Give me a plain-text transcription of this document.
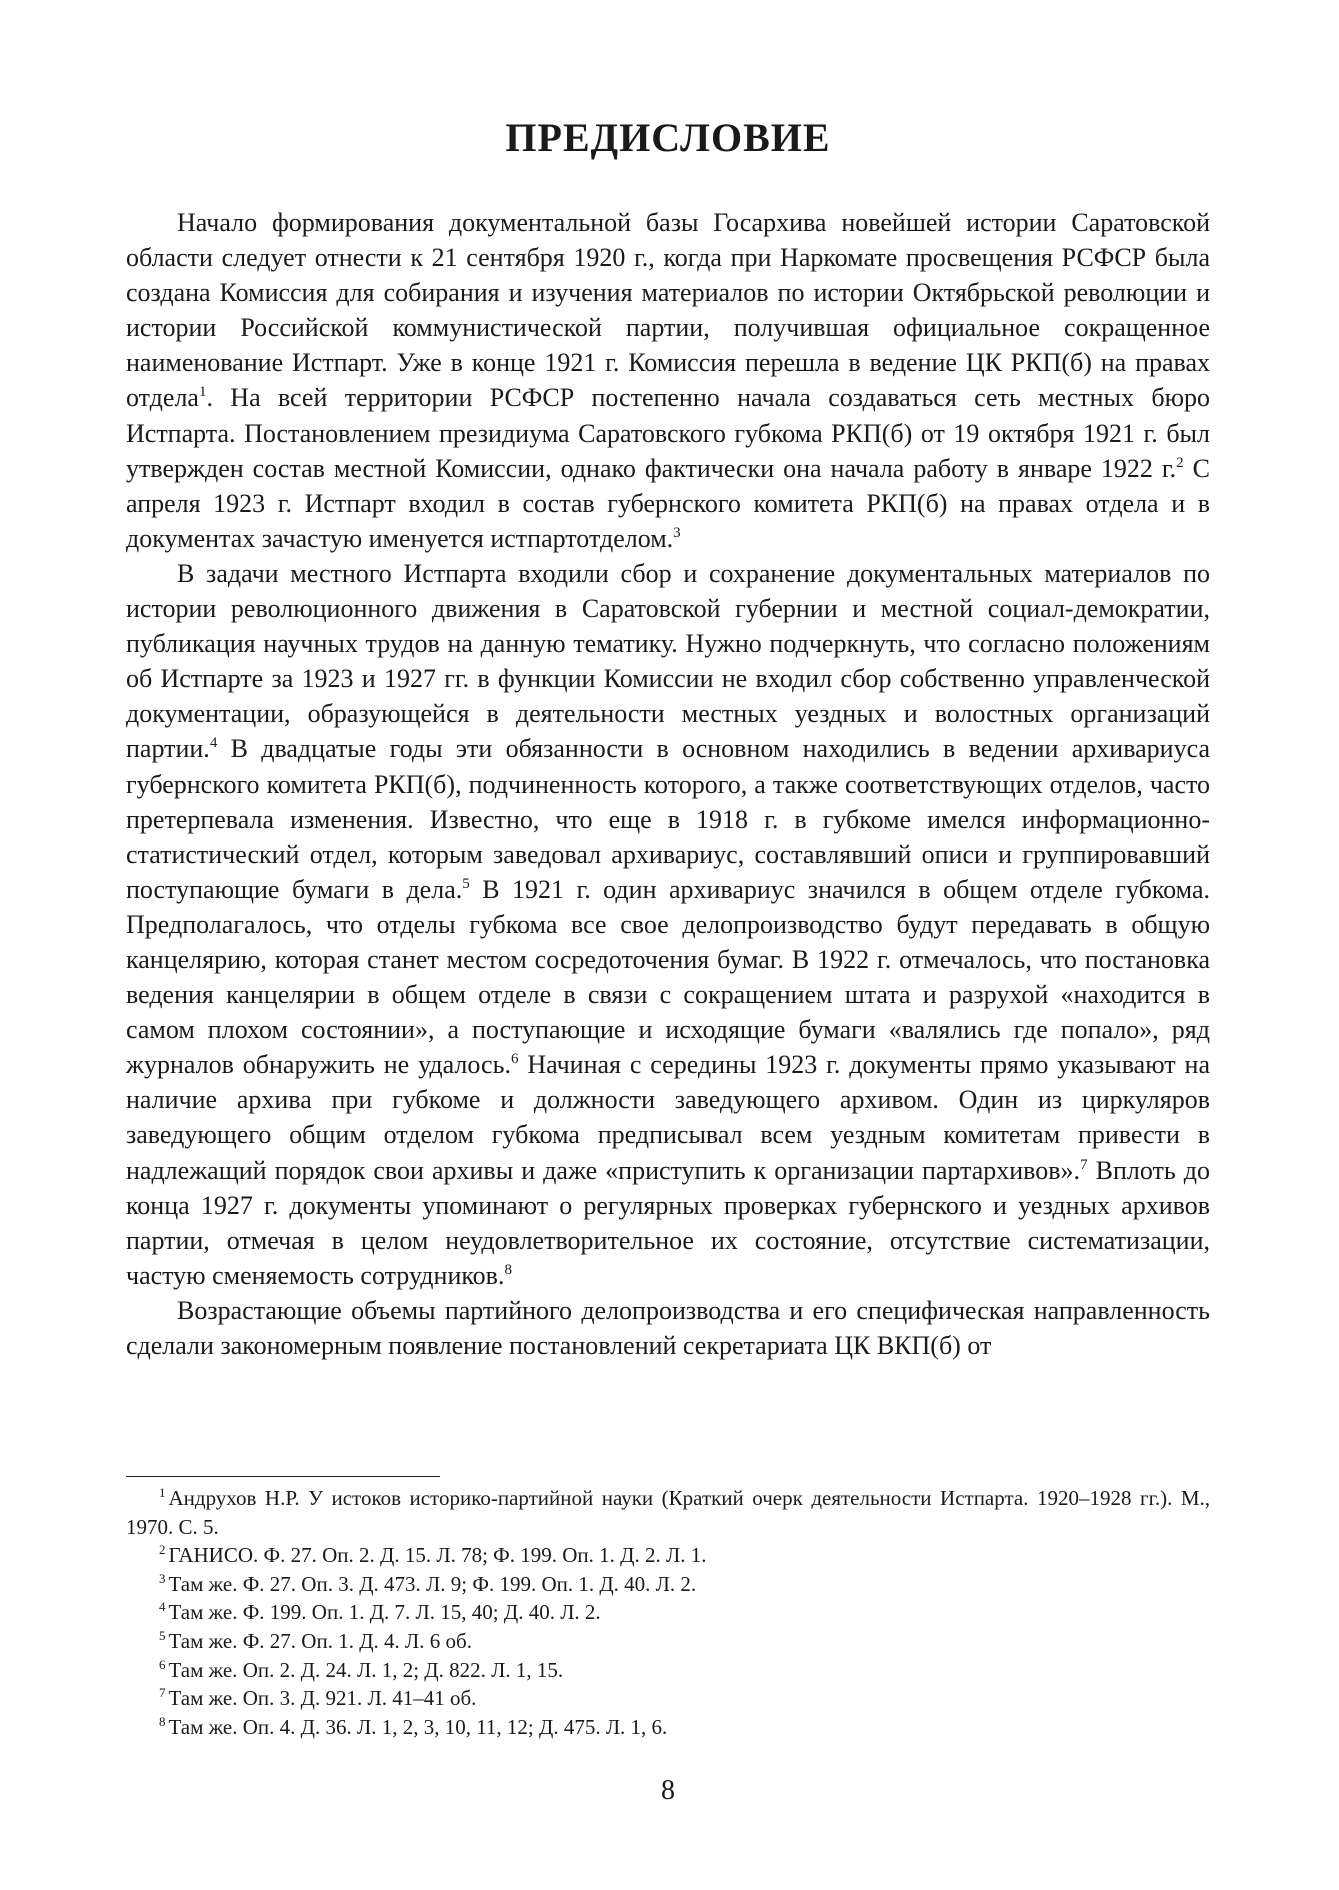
ПРЕДИСЛОВИЕ

Начало формирования документальной базы Госархива новейшей истории Саратовской области следует отнести к 21 сентября 1920 г., когда при Наркомате просвещения РСФСР была создана Комиссия для собирания и изучения материалов по истории Октябрьской революции и истории Российской коммунистической партии, получившая официальное сокращенное наименование Истпарт. Уже в конце 1921 г. Комиссия перешла в ведение ЦК РКП(б) на правах отдела$^1$. На всей территории РСФСР постепенно начала создаваться сеть местных бюро Истпарта. Постановлением президиума Саратовского губкома РКП(б) от 19 октября 1921 г. был утвержден состав местной Комиссии, однако фактически она начала работу в январе 1922 г.$^2$ С апреля 1923 г. Истпарт входил в состав губернского комитета РКП(б) на правах отдела и в документах зачастую именуется истпартотделом.$^3$

В задачи местного Истпарта входили сбор и сохранение документальных материалов по истории революционного движения в Саратовской губернии и местной социал-демократии, публикация научных трудов на данную тематику. Нужно подчеркнуть, что согласно положениям об Истпарте за 1923 и 1927 гг. в функции Комиссии не входил сбор собственно управленческой документации, образующейся в деятельности местных уездных и волостных организаций партии.$^4$ В двадцатые годы эти обязанности в основном находились в ведении архивариуса губернского комитета РКП(б), подчиненность которого, а также соответствующих отделов, часто претерпевала изменения. Известно, что еще в 1918 г. в губкоме имелся информационно-статистический отдел, которым заведовал архивариус, составлявший описи и группировавший поступающие бумаги в дела.$^5$ В 1921 г. один архивариус значился в общем отделе губкома. Предполагалось, что отделы губкома все свое делопроизводство будут передавать в общую канцелярию, которая станет местом сосредоточения бумаг. В 1922 г. отмечалось, что постановка ведения канцелярии в общем отделе в связи с сокращением штата и разрухой «находится в самом плохом состоянии», а поступающие и исходящие бумаги «валялись где попало», ряд журналов обнаружить не удалось.$^6$ Начиная с середины 1923 г. документы прямо указывают на наличие архива при губкоме и должности заведующего архивом. Один из циркуляров заведующего общим отделом губкома предписывал всем уездным комитетам привести в надлежащий порядок свои архивы и даже «приступить к организации партархивов».$^7$ Вплоть до конца 1927 г. документы упоминают о регулярных проверках губернского и уездных архивов партии, отмечая в целом неудовлетворительное их состояние, отсутствие систематизации, частую сменяемость сотрудников.$^8$

Возрастающие объемы партийного делопроизводства и его специфическая направленность сделали закономерным появление постановлений секретариата ЦК ВКП(б) от

$^1$ Андрухов Н.Р. У истоков историко-партийной науки (Краткий очерк деятельности Истпарта. 1920–1928 гг.). М., 1970. С. 5.

$^2$ ГАНИСО. Ф. 27. Оп. 2. Д. 15. Л. 78; Ф. 199. Оп. 1. Д. 2. Л. 1.

$^3$ Там же. Ф. 27. Оп. 3. Д. 473. Л. 9; Ф. 199. Оп. 1. Д. 40. Л. 2.

$^4$ Там же. Ф. 199. Оп. 1. Д. 7. Л. 15, 40; Д. 40. Л. 2.

$^5$ Там же. Ф. 27. Оп. 1. Д. 4. Л. 6 об.

$^6$ Там же. Оп. 2. Д. 24. Л. 1, 2; Д. 822. Л. 1, 15.

$^7$ Там же. Оп. 3. Д. 921. Л. 41–41 об.

$^8$ Там же. Оп. 4. Д. 36. Л. 1, 2, 3, 10, 11, 12; Д. 475. Л. 1, 6.

8
